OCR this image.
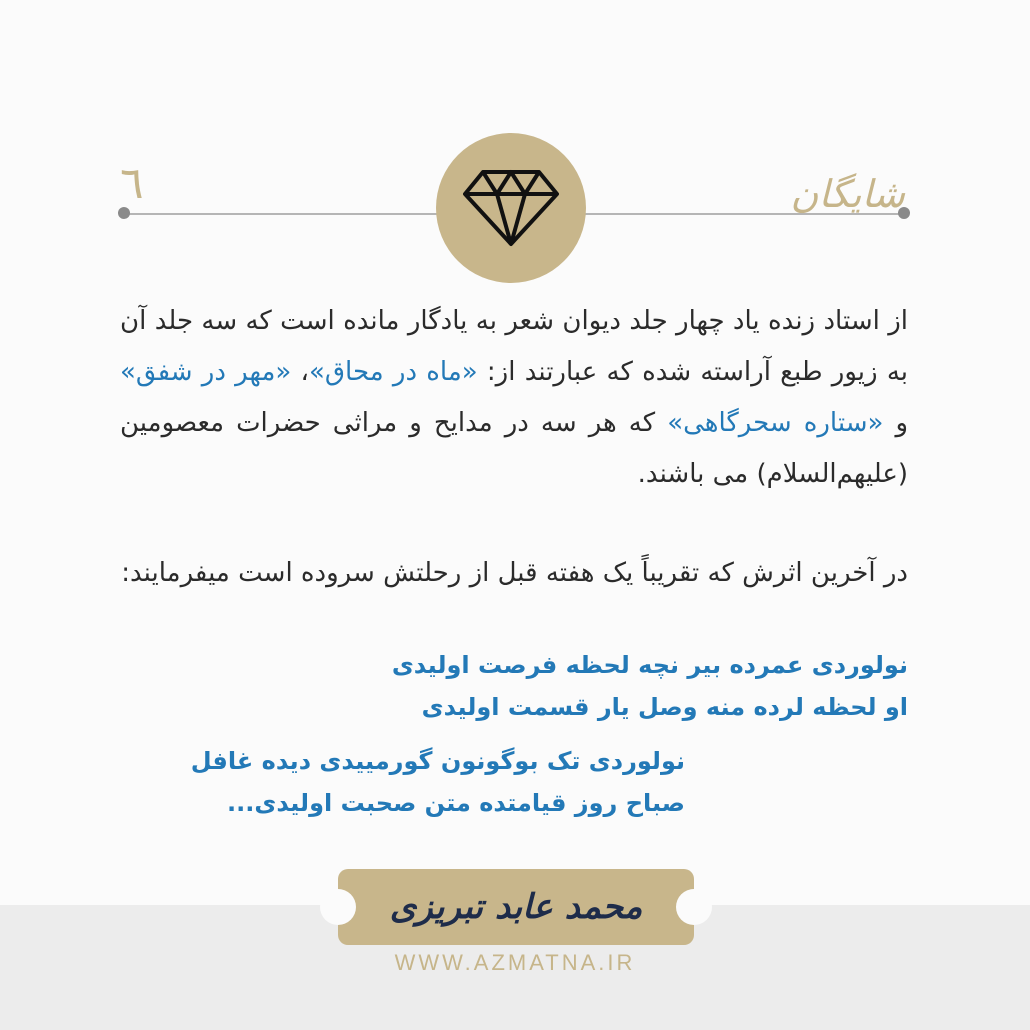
٦	شایگان
از استاد زنده یاد چهار جلد دیوان شعر به یادگار مانده است که سه جلد آن به زیور طبع آراسته شده که عبارتند از: «ماه در محاق»، «مهر در شفق» و «ستاره سحرگاهی» که هر سه در مدایح و مراثی حضرات معصومین (علیهم‌السلام) می باشند.
در آخرین اثرش که تقریباً یک هفته قبل از رحلتش سروده است میفرمایند:
نولوردی عمرده بیر نچه لحظه فرصت اولیدی
او لحظه لرده منه وصل یار قسمت اولیدی
نولوردی تک بوگونون گورمییدی دیده غافل
صباح روز قیامتده متن صحبت اولیدی...
محمد عابد تبریزی
WWW.AZMATNA.IR
